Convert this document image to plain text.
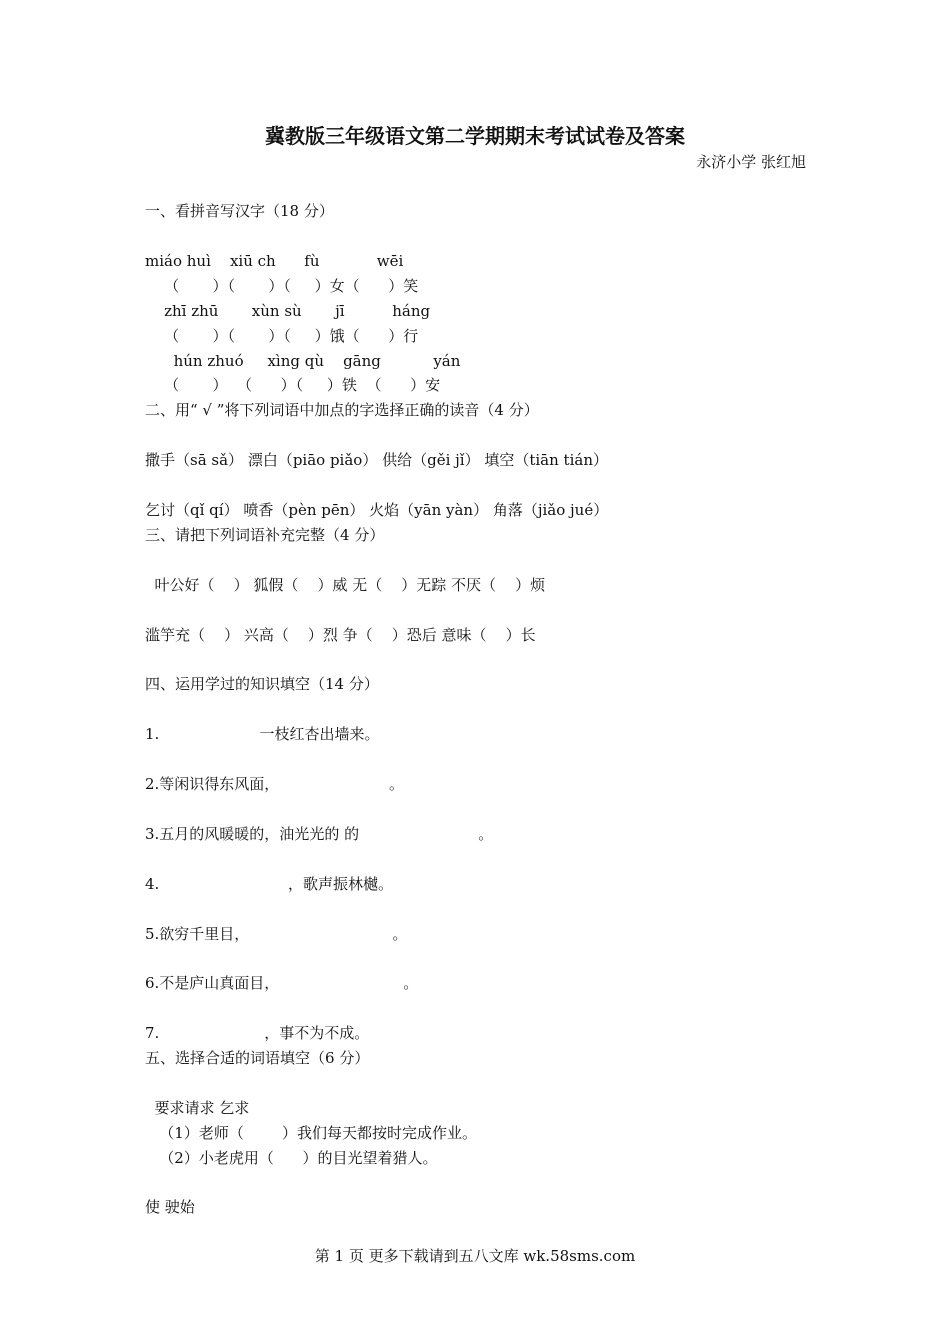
冀教版三年级语文第二学期期末考试试卷及答案
永济小学 张红旭
一、看拼音写汉字（18 分）
miáo huì    xiū ch      fù            wēi
（       ）（       ）（     ）女（      ）笑
zhī zhū       xùn sù       jī          háng
（       ）（       ）（     ）饿（      ）行
hún zhuó     xìng qù    gāng           yán
（       ）  （      ）（     ）铁  （      ）安
二、用“ √ ”将下列词语中加点的字选择正确的读音（4 分）
撒手（sā sǎ） 漂白（piāo piǎo） 供给（gěi jǐ） 填空（tiān tián）
乞讨（qǐ qí） 喷香（pèn pēn） 火焰（yān yàn） 角落（jiǎo jué）
三、请把下列词语补充完整（4 分）
叶公好（    ） 狐假（    ）威 无（    ）无踪 不厌（    ）烦
滥竽充（    ） 兴高（    ）烈 争（    ）恐后 意味（    ）长
四、运用学过的知识填空（14 分）
1.                     一枝红杏出墙来。
2.等闲识得东风面，                       。
3.五月的风暖暖的，油光光的 的                         。
4.                           ，歌声振林樾。
5.欲穷千里目，                              。
6.不是庐山真面目，                          。
7.                      ，事不为不成。
五、选择合适的词语填空（6 分）
要求请求 乞求
（1）老师（        ）我们每天都按时完成作业。
（2）小老虎用（      ）的目光望着猎人。
使 驶始
第 1 页 更多下载请到五八文库 wk.58sms.com
